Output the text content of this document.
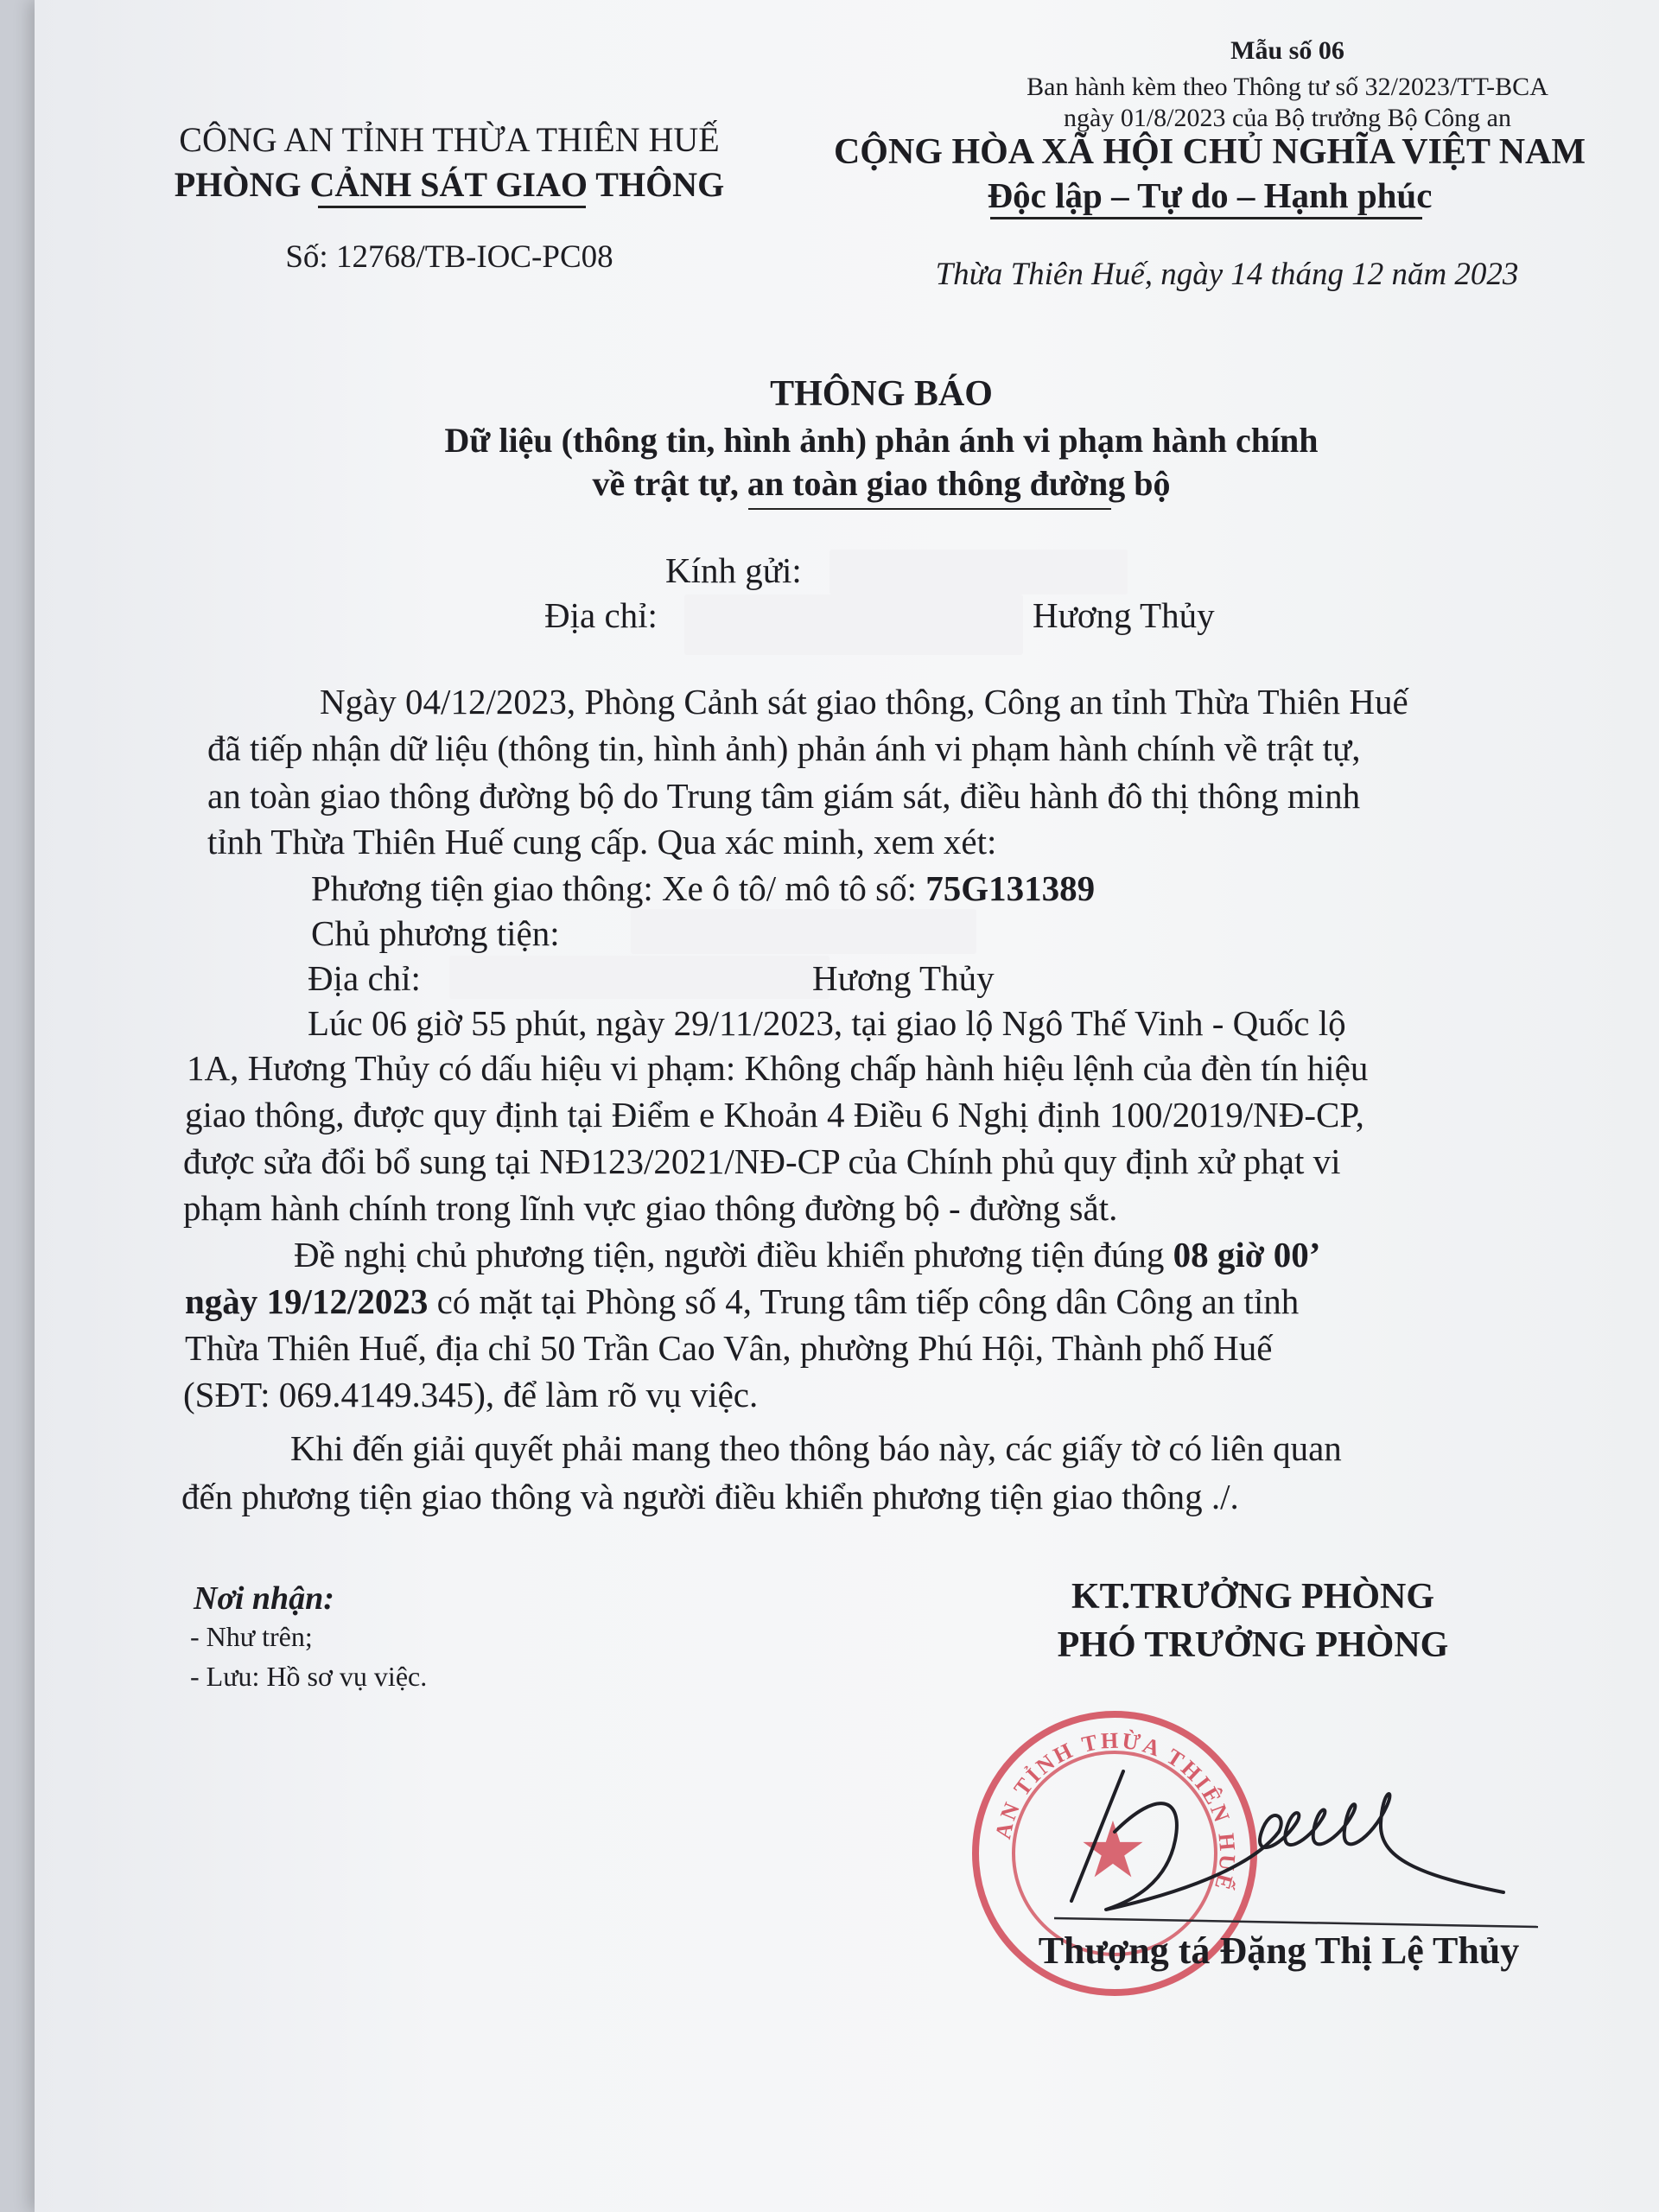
Mẫu số 06
Ban hành kèm theo Thông tư số 32/2023/TT-BCA
ngày 01/8/2023 của Bộ trưởng Bộ Công an
CÔNG AN TỈNH THỪA THIÊN HUẾ
PHÒNG CẢNH SÁT GIAO THÔNG
Số: 12768/TB-IOC-PC08
CỘNG HÒA XÃ HỘI CHỦ NGHĨA VIỆT NAM
Độc lập – Tự do – Hạnh phúc
Thừa Thiên Huế, ngày 14 tháng 12 năm 2023
THÔNG BÁO
Dữ liệu (thông tin, hình ảnh) phản ánh vi phạm hành chính
về trật tự, an toàn giao thông đường bộ
Kính gửi:
Địa chỉ:	Hương Thủy
Ngày 04/12/2023, Phòng Cảnh sát giao thông, Công an tỉnh Thừa Thiên Huế
đã tiếp nhận dữ liệu (thông tin, hình ảnh) phản ánh vi phạm hành chính về trật tự,
an toàn giao thông đường bộ do Trung tâm giám sát, điều hành đô thị thông minh
tỉnh Thừa Thiên Huế cung cấp. Qua xác minh, xem xét:
Phương tiện giao thông: Xe ô tô/ mô tô số: 75G131389
Chủ phương tiện:
Địa chỉ:	Hương Thủy
Lúc 06 giờ 55 phút, ngày 29/11/2023, tại giao lộ Ngô Thế Vinh - Quốc lộ
1A, Hương Thủy có dấu hiệu vi phạm: Không chấp hành hiệu lệnh của đèn tín hiệu
giao thông, được quy định tại Điểm e Khoản 4 Điều 6 Nghị định 100/2019/NĐ-CP,
được sửa đổi bổ sung tại NĐ123/2021/NĐ-CP của Chính phủ quy định xử phạt vi
phạm hành chính trong lĩnh vực giao thông đường bộ - đường sắt.
Đề nghị chủ phương tiện, người điều khiển phương tiện đúng 08 giờ 00’
ngày 19/12/2023 có mặt tại Phòng số 4, Trung tâm tiếp công dân Công an tỉnh
Thừa Thiên Huế, địa chỉ 50 Trần Cao Vân, phường Phú Hội, Thành phố Huế
(SĐT: 069.4149.345), để làm rõ vụ việc.
Khi đến giải quyết phải mang theo thông báo này, các giấy tờ có liên quan
đến phương tiện giao thông và người điều khiển phương tiện giao thông ./.
Nơi nhận:
- Như trên;
- Lưu: Hồ sơ vụ việc.
KT.TRƯỞNG PHÒNG
PHÓ TRƯỞNG PHÒNG
AN TỈNH THỪA THIÊN HUẾ
★
Thượng tá Đặng Thị Lệ Thủy
